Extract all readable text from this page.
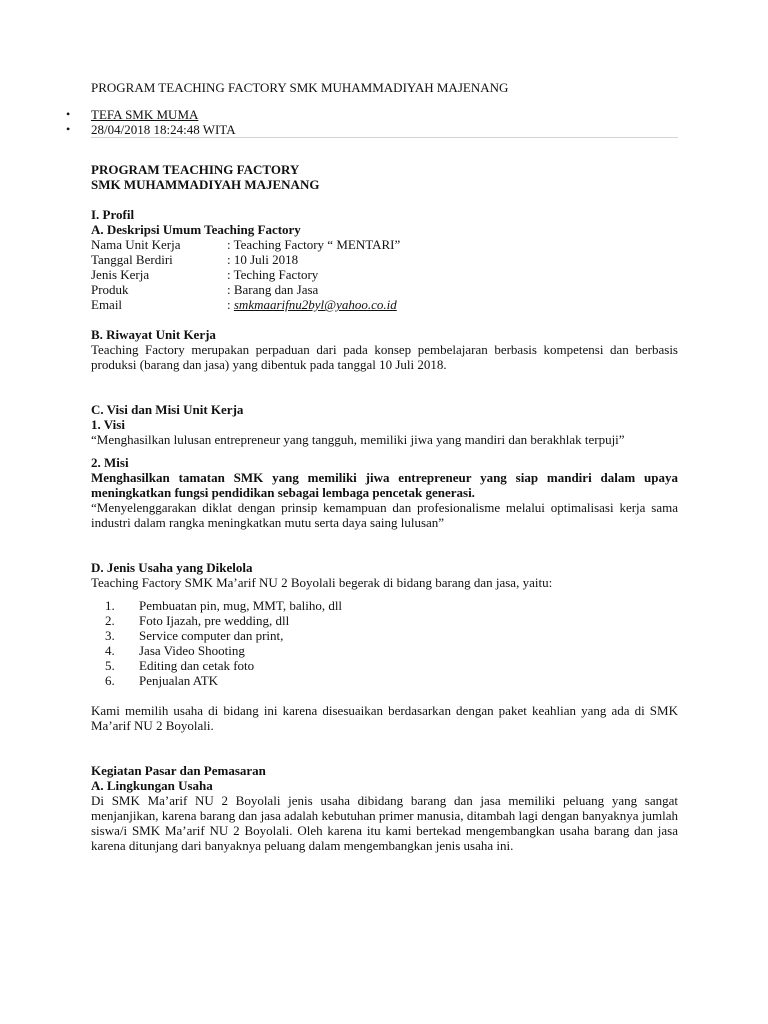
PROGRAM TEACHING FACTORY SMK MUHAMMADIYAH MAJENANG
• TEFA SMK MUMA
• 28/04/2018 18:24:48 WITA
PROGRAM TEACHING FACTORY
SMK MUHAMMADIYAH MAJENANG
I. Profil
A. Deskripsi Umum Teaching Factory
Nama Unit Kerja	: Teaching Factory “ MENTARI”
Tanggal Berdiri	: 10 Juli 2018
Jenis Kerja	: Teching Factory
Produk	: Barang dan Jasa
Email	: smkmaarifnu2byl@yahoo.co.id
B. Riwayat Unit Kerja

Teaching Factory merupakan perpaduan dari pada konsep pembelajaran berbasis kompetensi dan berbasis produksi (barang dan jasa) yang dibentuk pada tanggal 10 Juli 2018.

C. Visi dan Misi Unit Kerja
1. Visi

“Menghasilkan lulusan entrepreneur yang tangguh, memiliki jiwa yang mandiri dan berakhlak terpuji”

2. Misi

Menghasilkan tamatan SMK yang memiliki jiwa entrepreneur yang siap mandiri dalam upaya meningkatkan fungsi pendidikan sebagai lembaga pencetak generasi.

“Menyelenggarakan diklat dengan prinsip kemampuan dan profesionalisme melalui optimalisasi kerja sama industri dalam rangka meningkatkan mutu serta daya saing lulusan”

D. Jenis Usaha yang Dikelola

Teaching Factory SMK Ma’arif NU 2 Boyolali begerak di bidang barang dan jasa, yaitu:

1.	Pembuatan pin, mug, MMT, baliho, dll
2.	Foto Ijazah, pre wedding, dll
3.	Service computer dan print,
4.	Jasa Video Shooting
5.	Editing dan cetak foto
6.	Penjualan ATK

Kami memilih usaha di bidang ini karena disesuaikan berdasarkan dengan paket keahlian yang ada di SMK Ma’arif NU 2 Boyolali.

Kegiatan Pasar dan Pemasaran
A. Lingkungan Usaha

Di SMK Ma’arif NU 2 Boyolali jenis usaha dibidang barang dan jasa memiliki peluang yang sangat menjanjikan, karena barang dan jasa adalah kebutuhan primer manusia, ditambah lagi dengan banyaknya jumlah siswa/i SMK Ma’arif NU 2 Boyolali. Oleh karena itu kami bertekad mengembangkan usaha barang dan jasa karena ditunjang dari banyaknya peluang dalam mengembangkan jenis usaha ini.
